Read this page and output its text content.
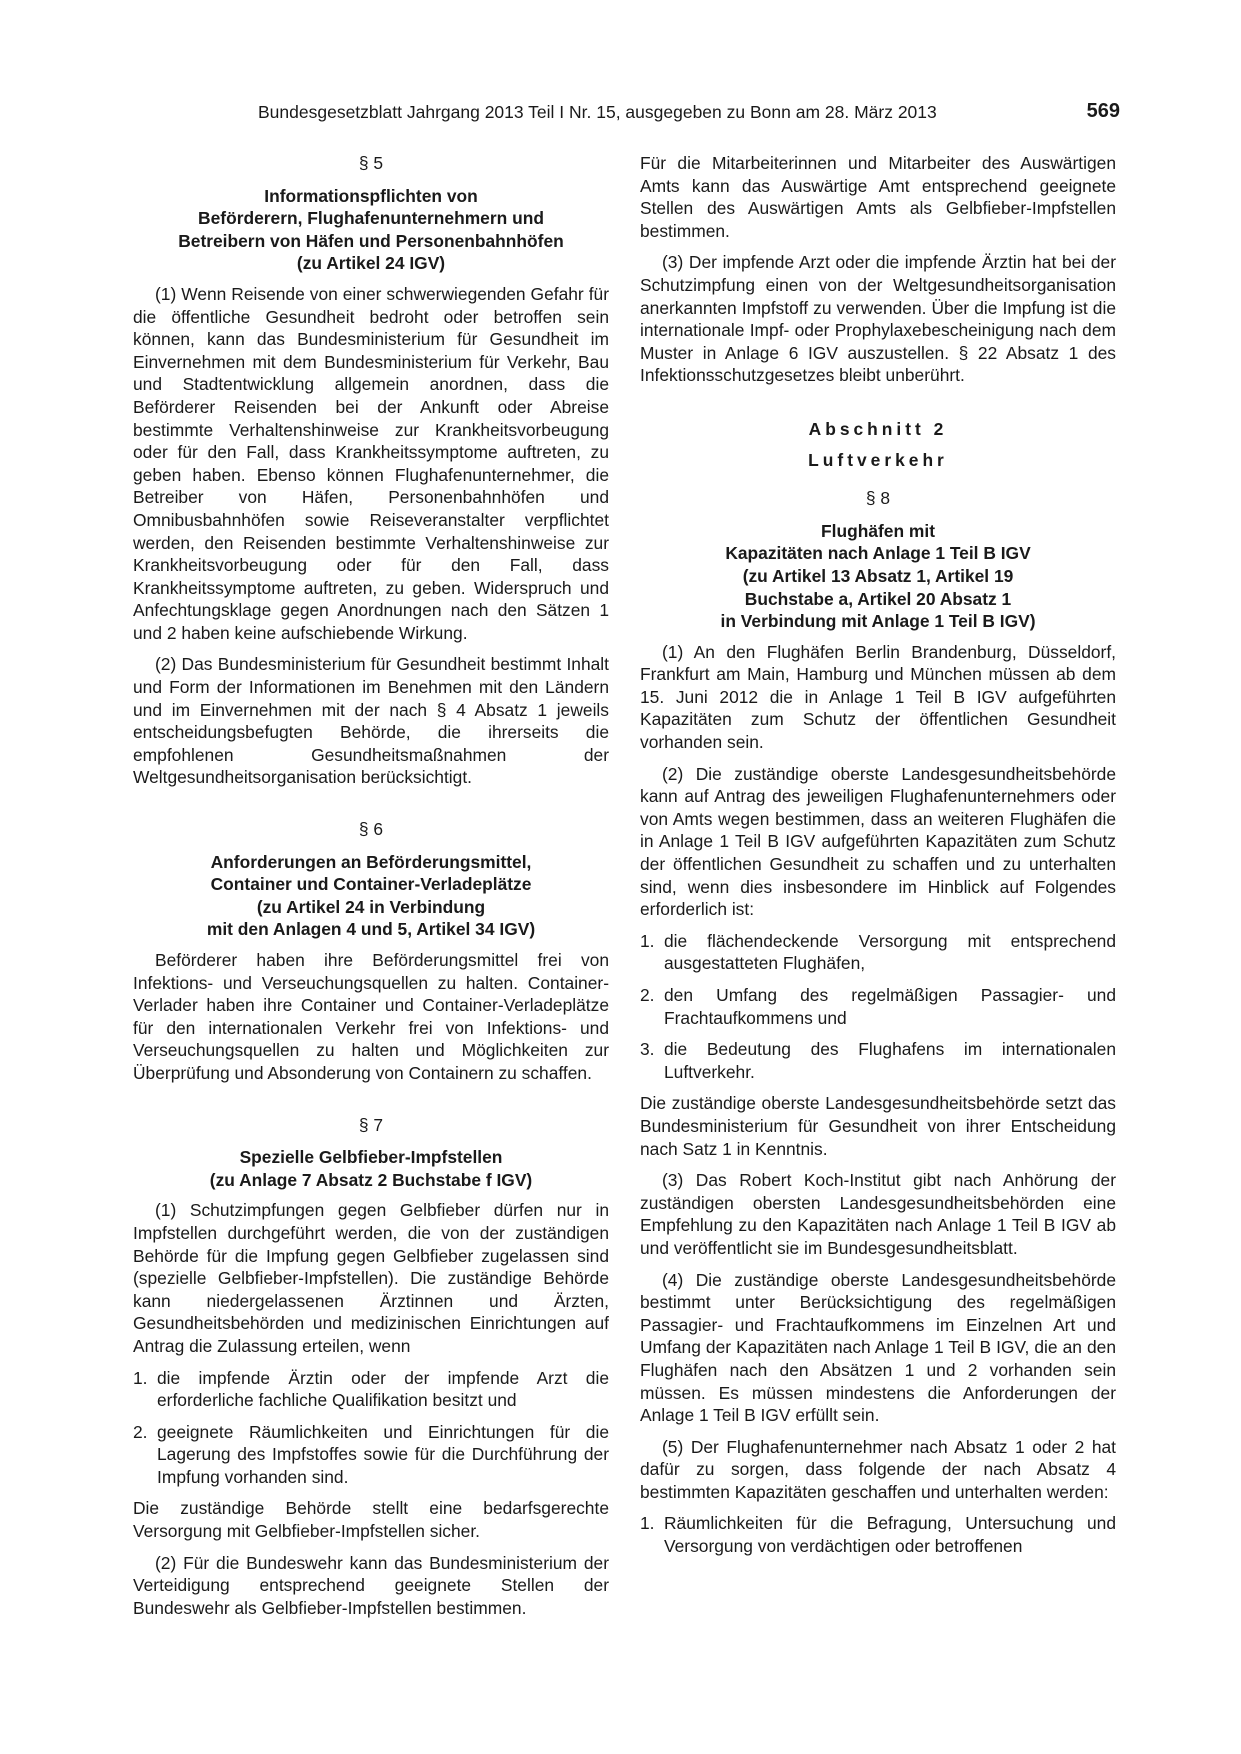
Bundesgesetzblatt Jahrgang 2013 Teil I Nr. 15, ausgegeben zu Bonn am 28. März 2013	569
§ 5
Informationspflichten von
Beförderern, Flughafenunternehmern und
Betreibern von Häfen und Personenbahnhöfen
(zu Artikel 24 IGV)

(1) Wenn Reisende von einer schwerwiegenden Gefahr für die öffentliche Gesundheit bedroht oder betroffen sein können, kann das Bundesministerium für Gesundheit im Einvernehmen mit dem Bundesministerium für Verkehr, Bau und Stadtentwicklung allgemein anordnen, dass die Beförderer Reisenden bei der Ankunft oder Abreise bestimmte Verhaltenshinweise zur Krankheitsvorbeugung oder für den Fall, dass Krankheitssymptome auftreten, zu geben haben. Ebenso können Flughafenunternehmer, die Betreiber von Häfen, Personenbahnhöfen und Omnibusbahnhöfen sowie Reiseveranstalter verpflichtet werden, den Reisenden bestimmte Verhaltenshinweise zur Krankheitsvorbeugung oder für den Fall, dass Krankheitssymptome auftreten, zu geben. Widerspruch und Anfechtungsklage gegen Anordnungen nach den Sätzen 1 und 2 haben keine aufschiebende Wirkung.

(2) Das Bundesministerium für Gesundheit bestimmt Inhalt und Form der Informationen im Benehmen mit den Ländern und im Einvernehmen mit der nach § 4 Absatz 1 jeweils entscheidungsbefugten Behörde, die ihrerseits die empfohlenen Gesundheitsmaßnahmen der Weltgesundheitsorganisation berücksichtigt.

§ 6
Anforderungen an Beförderungsmittel,
Container und Container-Verladeplätze
(zu Artikel 24 in Verbindung
mit den Anlagen 4 und 5, Artikel 34 IGV)

Beförderer haben ihre Beförderungsmittel frei von Infektions- und Verseuchungsquellen zu halten. Container-Verlader haben ihre Container und Container-Verladeplätze für den internationalen Verkehr frei von Infektions- und Verseuchungsquellen zu halten und Möglichkeiten zur Überprüfung und Absonderung von Containern zu schaffen.

§ 7
Spezielle Gelbfieber-Impfstellen
(zu Anlage 7 Absatz 2 Buchstabe f IGV)

(1) Schutzimpfungen gegen Gelbfieber dürfen nur in Impfstellen durchgeführt werden, die von der zuständigen Behörde für die Impfung gegen Gelbfieber zugelassen sind (spezielle Gelbfieber-Impfstellen). Die zuständige Behörde kann niedergelassenen Ärztinnen und Ärzten, Gesundheitsbehörden und medizinischen Einrichtungen auf Antrag die Zulassung erteilen, wenn

1. die impfende Ärztin oder der impfende Arzt die erforderliche fachliche Qualifikation besitzt und
2. geeignete Räumlichkeiten und Einrichtungen für die Lagerung des Impfstoffes sowie für die Durchführung der Impfung vorhanden sind.

Die zuständige Behörde stellt eine bedarfsgerechte Versorgung mit Gelbfieber-Impfstellen sicher.

(2) Für die Bundeswehr kann das Bundesministerium der Verteidigung entsprechend geeignete Stellen der Bundeswehr als Gelbfieber-Impfstellen bestimmen.

Für die Mitarbeiterinnen und Mitarbeiter des Auswärtigen Amts kann das Auswärtige Amt entsprechend geeignete Stellen des Auswärtigen Amts als Gelbfieber-Impfstellen bestimmen.

(3) Der impfende Arzt oder die impfende Ärztin hat bei der Schutzimpfung einen von der Weltgesundheitsorganisation anerkannten Impfstoff zu verwenden. Über die Impfung ist die internationale Impf- oder Prophylaxebescheinigung nach dem Muster in Anlage 6 IGV auszustellen. § 22 Absatz 1 des Infektionsschutzgesetzes bleibt unberührt.

Abschnitt 2
Luftverkehr
§ 8
Flughäfen mit
Kapazitäten nach Anlage 1 Teil B IGV
(zu Artikel 13 Absatz 1, Artikel 19
Buchstabe a, Artikel 20 Absatz 1
in Verbindung mit Anlage 1 Teil B IGV)

(1) An den Flughäfen Berlin Brandenburg, Düsseldorf, Frankfurt am Main, Hamburg und München müssen ab dem 15. Juni 2012 die in Anlage 1 Teil B IGV aufgeführten Kapazitäten zum Schutz der öffentlichen Gesundheit vorhanden sein.

(2) Die zuständige oberste Landesgesundheitsbehörde kann auf Antrag des jeweiligen Flughafenunternehmers oder von Amts wegen bestimmen, dass an weiteren Flughäfen die in Anlage 1 Teil B IGV aufgeführten Kapazitäten zum Schutz der öffentlichen Gesundheit zu schaffen und zu unterhalten sind, wenn dies insbesondere im Hinblick auf Folgendes erforderlich ist:

1. die flächendeckende Versorgung mit entsprechend ausgestatteten Flughäfen,
2. den Umfang des regelmäßigen Passagier- und Frachtaufkommens und
3. die Bedeutung des Flughafens im internationalen Luftverkehr.

Die zuständige oberste Landesgesundheitsbehörde setzt das Bundesministerium für Gesundheit von ihrer Entscheidung nach Satz 1 in Kenntnis.

(3) Das Robert Koch-Institut gibt nach Anhörung der zuständigen obersten Landesgesundheitsbehörden eine Empfehlung zu den Kapazitäten nach Anlage 1 Teil B IGV ab und veröffentlicht sie im Bundesgesundheitsblatt.

(4) Die zuständige oberste Landesgesundheitsbehörde bestimmt unter Berücksichtigung des regelmäßigen Passagier- und Frachtaufkommens im Einzelnen Art und Umfang der Kapazitäten nach Anlage 1 Teil B IGV, die an den Flughäfen nach den Absätzen 1 und 2 vorhanden sein müssen. Es müssen mindestens die Anforderungen der Anlage 1 Teil B IGV erfüllt sein.

(5) Der Flughafenunternehmer nach Absatz 1 oder 2 hat dafür zu sorgen, dass folgende der nach Absatz 4 bestimmten Kapazitäten geschaffen und unterhalten werden:

1. Räumlichkeiten für die Befragung, Untersuchung und Versorgung von verdächtigen oder betroffenen
